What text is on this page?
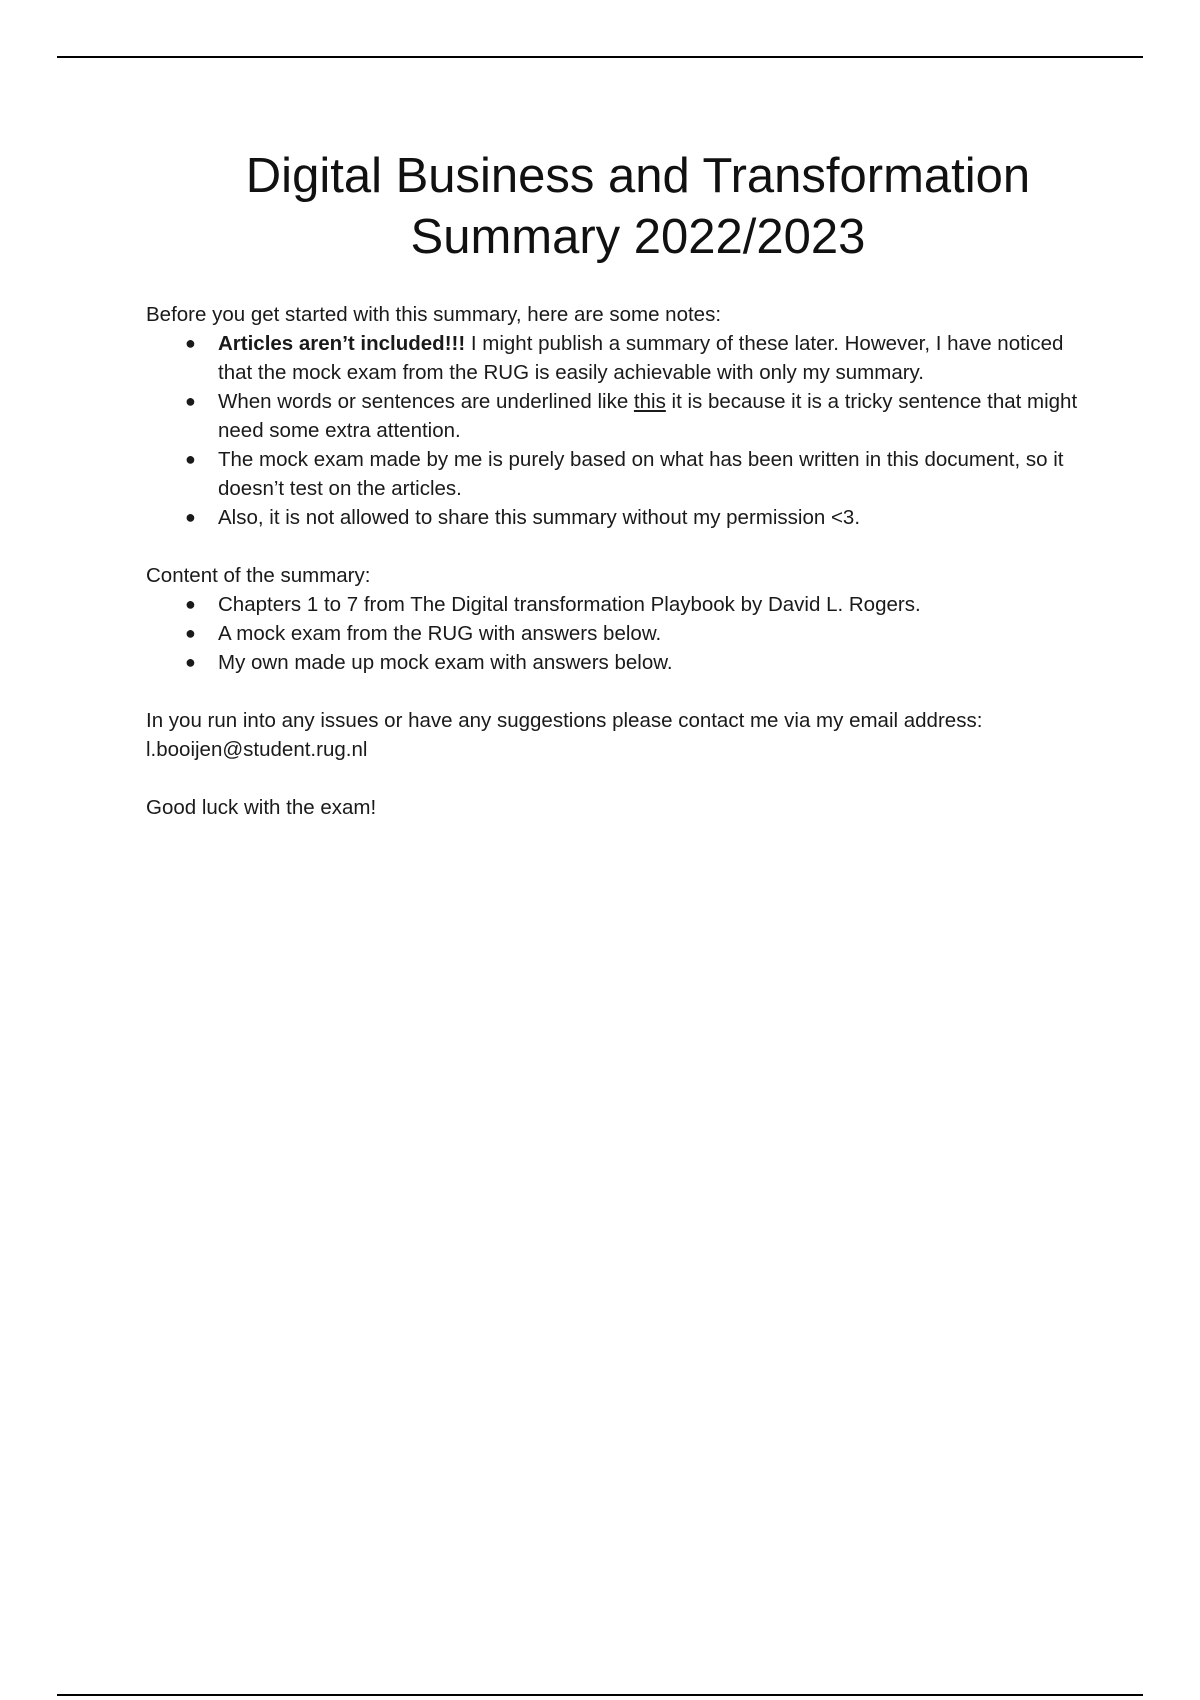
Digital Business and Transformation
Summary 2022/2023

Before you get started with this summary, here are some notes:

● Articles aren’t included!!! I might publish a summary of these later. However, I have noticed that the mock exam from the RUG is easily achievable with only my summary.
● When words or sentences are underlined like this it is because it is a tricky sentence that might need some extra attention.
● The mock exam made by me is purely based on what has been written in this document, so it doesn’t test on the articles.
● Also, it is not allowed to share this summary without my permission <3.

Content of the summary:

● Chapters 1 to 7 from The Digital transformation Playbook by David L. Rogers.
● A mock exam from the RUG with answers below.
● My own made up mock exam with answers below.

In you run into any issues or have any suggestions please contact me via my email address:

l.booijen@student.rug.nl

Good luck with the exam!
